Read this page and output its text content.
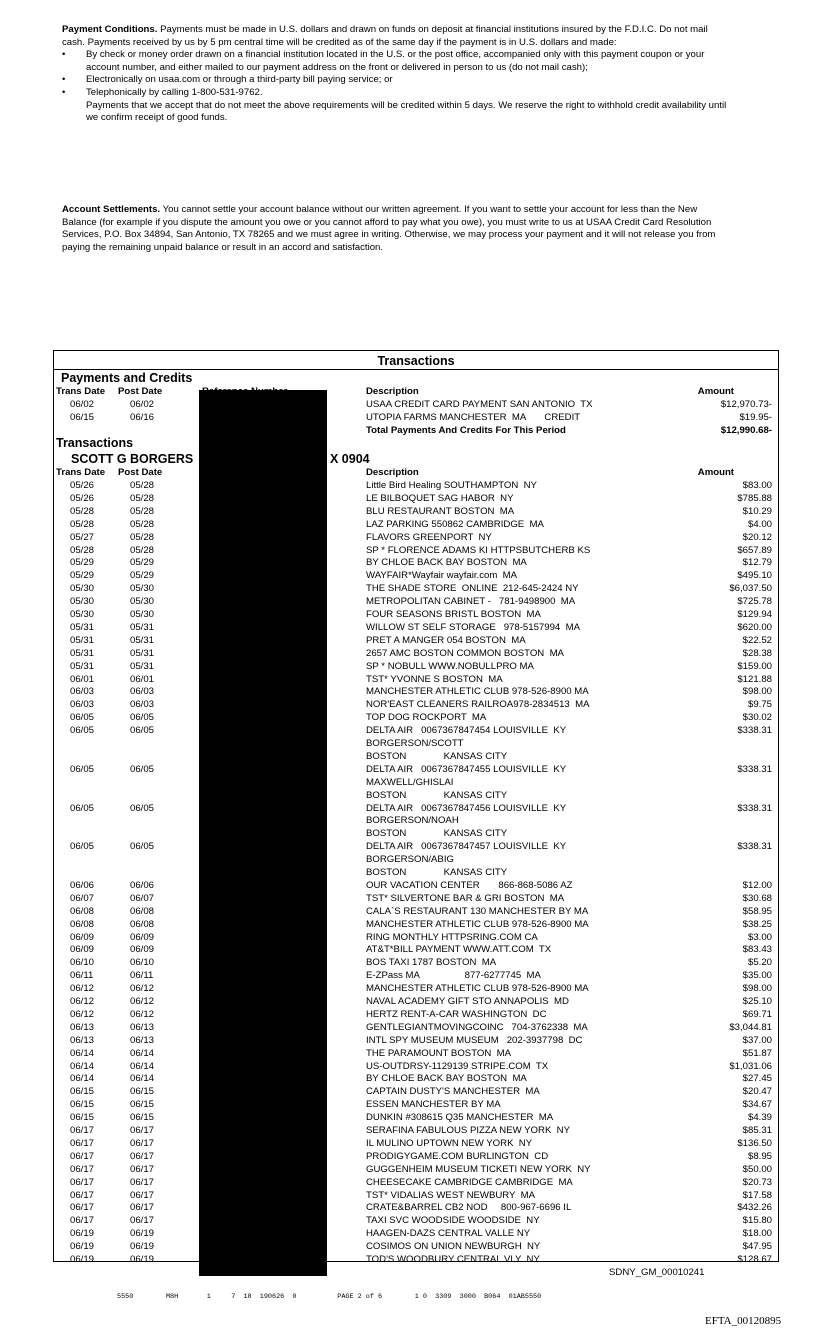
Payment Conditions. Payments must be made in U.S. dollars and drawn on funds on deposit at financial institutions insured by the F.D.I.C. Do not mail
cash. Payments received by us by 5 pm central time will be credited as of the same day if the payment is in U.S. dollars and made:
• By check or money order drawn on a financial institution located in the U.S. or the post office, accompanied only with this payment coupon or your
account number, and either mailed to our payment address on the front or delivered in person to us (do not mail cash);
• Electronically on usaa.com or through a third-party bill paying service; or
• Telephonically by calling 1-800-531-9762.
Payments that we accept that do not meet the above requirements will be credited within 5 days. We reserve the right to withhold credit availability until
we confirm receipt of good funds.
Account Settlements. You cannot settle your account balance without our written agreement. If you want to settle your account for less than the New
Balance (for example if you dispute the amount you owe or you cannot afford to pay what you owe), you must write to us at USAA Credit Card Resolution
Services, P.O. Box 34894, San Antonio, TX 78265 and we must agree in writing. Otherwise, we may process your payment and it will not release you from
paying the remaining unpaid balance or result in an accord and satisfaction.
Transactions
Payments and Credits
Trans Date Post Date	Description	Amount
06/02	06/02	USAA CREDIT CARD PAYMENT SAN ANTONIO  TX	$12,970.73-
06/15	06/16	UTOPIA FARMS MANCHESTER  MA       CREDIT	$19.95-
Total Payments And Credits For This Period	$12,990.68-
Transactions
SCOTT G BORGERS	X 0904
Trans Date Post Date	Description	Amount
05/26	05/28	Little Bird Healing SOUTHAMPTON  NY	$83.00
05/26	05/28	LE BILBOQUET SAG HABOR  NY	$785.88
05/28	05/28	BLU RESTAURANT BOSTON  MA	$10.29
05/28	05/28	LAZ PARKING 550862 CAMBRIDGE  MA	$4.00
05/27	05/28	FLAVORS GREENPORT  NY	$20.12
05/28	05/28	SP * FLORENCE ADAMS KI HTTPSBUTCHERB KS	$657.89
05/29	05/29	BY CHLOE BACK BAY BOSTON  MA	$12.79
05/29	05/29	WAYFAIR*Wayfair wayfair.com  MA	$495.10
05/30	05/30	THE SHADE STORE  ONLINE  212-645-2424 NY	$6,037.50
05/30	05/30	METROPOLITAN CABINET -   781-9498900  MA	$725.78
05/30	05/30	FOUR SEASONS BRISTL BOSTON  MA	$129.94
05/31	05/31	WILLOW ST SELF STORAGE   978-5157994  MA	$620.00
05/31	05/31	PRET A MANGER 054 BOSTON  MA	$22.52
05/31	05/31	2657 AMC BOSTON COMMON BOSTON  MA	$28.38
05/31	05/31	SP * NOBULL WWW.NOBULLPRO MA	$159.00
06/01	06/01	TST* YVONNE S BOSTON  MA	$121.88
06/03	06/03	MANCHESTER ATHLETIC CLUB 978-526-8900 MA	$98.00
06/03	06/03	NOR'EAST CLEANERS RAILROA978-2834513  MA	$9.75
06/05	06/05	TOP DOG ROCKPORT  MA	$30.02
06/05	06/05	DELTA AIR   0067367847454 LOUISVILLE  KY	$338.31
BORGERSON/SCOTT
BOSTON              KANSAS CITY
06/05	06/05	DELTA AIR   0067367847455 LOUISVILLE  KY	$338.31
MAXWELL/GHISLAI
BOSTON              KANSAS CITY
06/05	06/05	DELTA AIR   0067367847456 LOUISVILLE  KY	$338.31
BORGERSON/NOAH
BOSTON              KANSAS CITY
06/05	06/05	DELTA AIR   0067367847457 LOUISVILLE  KY	$338.31
BORGERSON/ABIG
BOSTON              KANSAS CITY
06/06	06/06	OUR VACATION CENTER       866-868-5086 AZ	$12.00
06/07	06/07	TST* SILVERTONE BAR & GRI BOSTON  MA	$30.68
06/08	06/08	CALA`S RESTAURANT 130 MANCHESTER BY MA	$58.95
06/08	06/08	MANCHESTER ATHLETIC CLUB 978-526-8900 MA	$38.25
06/09	06/09	RING MONTHLY HTTPSRING.COM CA	$3.00
06/09	06/09	AT&T*BILL PAYMENT WWW.ATT.COM  TX	$83.43
06/10	06/10	BOS TAXI 1787 BOSTON  MA	$5.20
06/11	06/11	E-ZPass MA                 877-6277745  MA	$35.00
06/12	06/12	MANCHESTER ATHLETIC CLUB 978-526-8900 MA	$98.00
06/12	06/12	NAVAL ACADEMY GIFT STO ANNAPOLIS  MD	$25.10
06/12	06/12	HERTZ RENT-A-CAR WASHINGTON  DC	$69.71
06/13	06/13	GENTLEGIANTMOVINGCOINC   704-3762338  MA	$3,044.81
06/13	06/13	INTL SPY MUSEUM MUSEUM   202-3937798  DC	$37.00
06/14	06/14	THE PARAMOUNT BOSTON  MA	$51.87
06/14	06/14	US-OUTDRSY-1129139 STRIPE.COM  TX	$1,031.06
06/14	06/14	BY CHLOE BACK BAY BOSTON  MA	$27.45
06/15	06/15	CAPTAIN DUSTY'S MANCHESTER  MA	$20.47
06/15	06/15	ESSEN MANCHESTER BY MA	$34.67
06/15	06/15	DUNKIN #308615 Q35 MANCHESTER  MA	$4.39
06/17	06/17	SERAFINA FABULOUS PIZZA NEW YORK  NY	$85.31
06/17	06/17	IL MULINO UPTOWN NEW YORK  NY	$136.50
06/17	06/17	PRODIGYGAME.COM BURLINGTON  CD	$8.95
06/17	06/17	GUGGENHEIM MUSEUM TICKETI NEW YORK  NY	$50.00
06/17	06/17	CHEESECAKE CAMBRIDGE CAMBRIDGE  MA	$20.73
06/17	06/17	TST* VIDALIAS WEST NEWBURY  MA	$17.58
06/17	06/17	CRATE&BARREL CB2 NOD     800-967-6696 IL	$432.26
06/17	06/17	TAXI SVC WOODSIDE WOODSIDE  NY	$15.80
06/19	06/19	HAAGEN-DAZS CENTRAL VALLE NY	$18.00
06/19	06/19	COSIMOS ON UNION NEWBURGH  NY	$47.95
06/19	06/19	TOD'S WOODBURY CENTRAL VLY  NY	$128.67
SDNY_GM_00010241
5550        M8H       1     7  18  190626  0          PAGE 2 of 6        1 0  3309  3000  B064  01AB5550
EFTA_00120895
